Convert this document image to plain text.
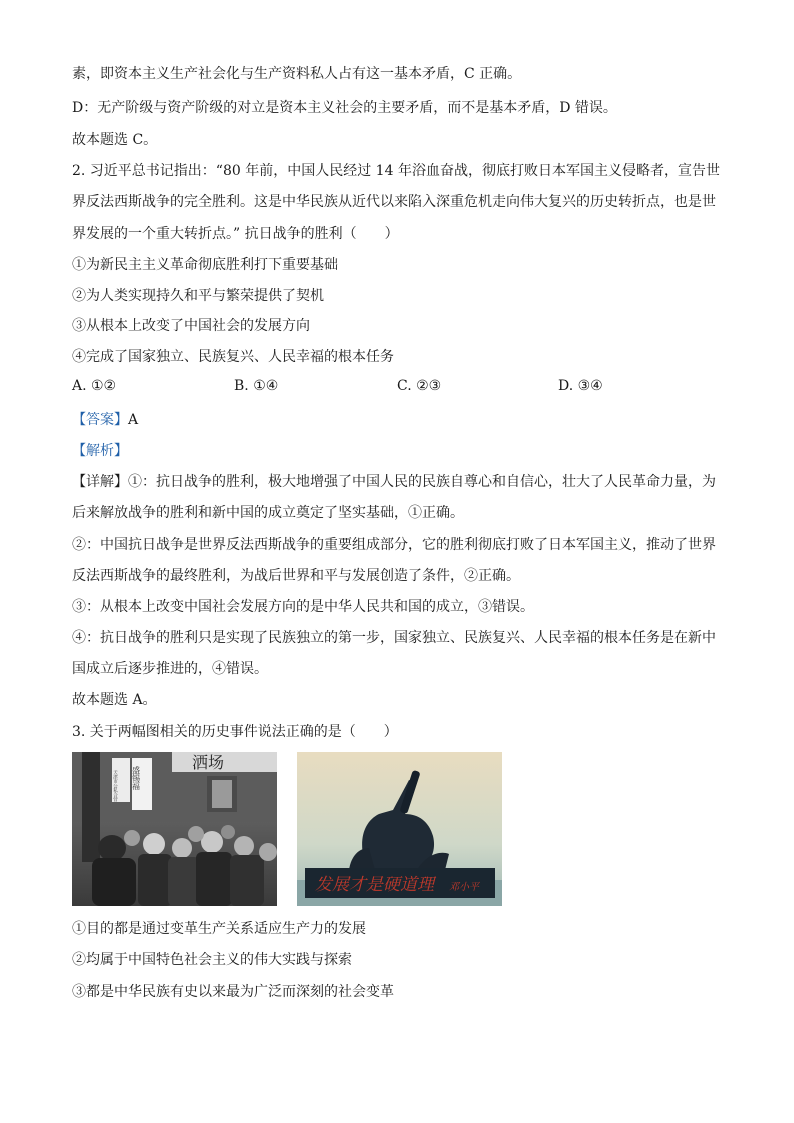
素，即资本主义生产社会化与生产资料私人占有这一基本矛盾，C 正确。
D：无产阶级与资产阶级的对立是资本主义社会的主要矛盾，而不是基本矛盾，D 错误。
故本题选 C。
2. 习近平总书记指出：“80 年前，中国人民经过 14 年浴血奋战，彻底打败日本军国主义侵略者，宣告世
界反法西斯战争的完全胜利。这是中华民族从近代以来陷入深重危机走向伟大复兴的历史转折点，也是世
界发展的一个重大转折点。” 抗日战争的胜利（　　）
①为新民主主义革命彻底胜利打下重要基础
②为人类实现持久和平与繁荣提供了契机
③从根本上改变了中国社会的发展方向
④完成了国家独立、民族复兴、人民幸福的根本任务
A. ①②	B. ①④	C. ②③	D. ③④
【答案】A
【解析】
【详解】①：抗日战争的胜利，极大地增强了中国人民的民族自尊心和自信心，壮大了人民革命力量，为
后来解放战争的胜利和新中国的成立奠定了坚实基础，①正确。
②：中国抗日战争是世界反法西斯战争的重要组成部分，它的胜利彻底打败了日本军国主义，推动了世界
反法西斯战争的最终胜利，为战后世界和平与发展创造了条件，②正确。
③：从根本上改变中国社会发展方向的是中华人民共和国的成立，③错误。
④：抗日战争的胜利只是实现了民族独立的第一步，国家独立、民族复兴、人民幸福的根本任务是在新中
国成立后逐步推进的，④错误。
故本题选 A。
3. 关于两幅图相关的历史事件说法正确的是（　　）
洒场
天津市公私合营 盛锡福
发展才是硬道理 邓小平
①目的都是通过变革生产关系适应生产力的发展
②均属于中国特色社会主义的伟大实践与探索
③都是中华民族有史以来最为广泛而深刻的社会变革
